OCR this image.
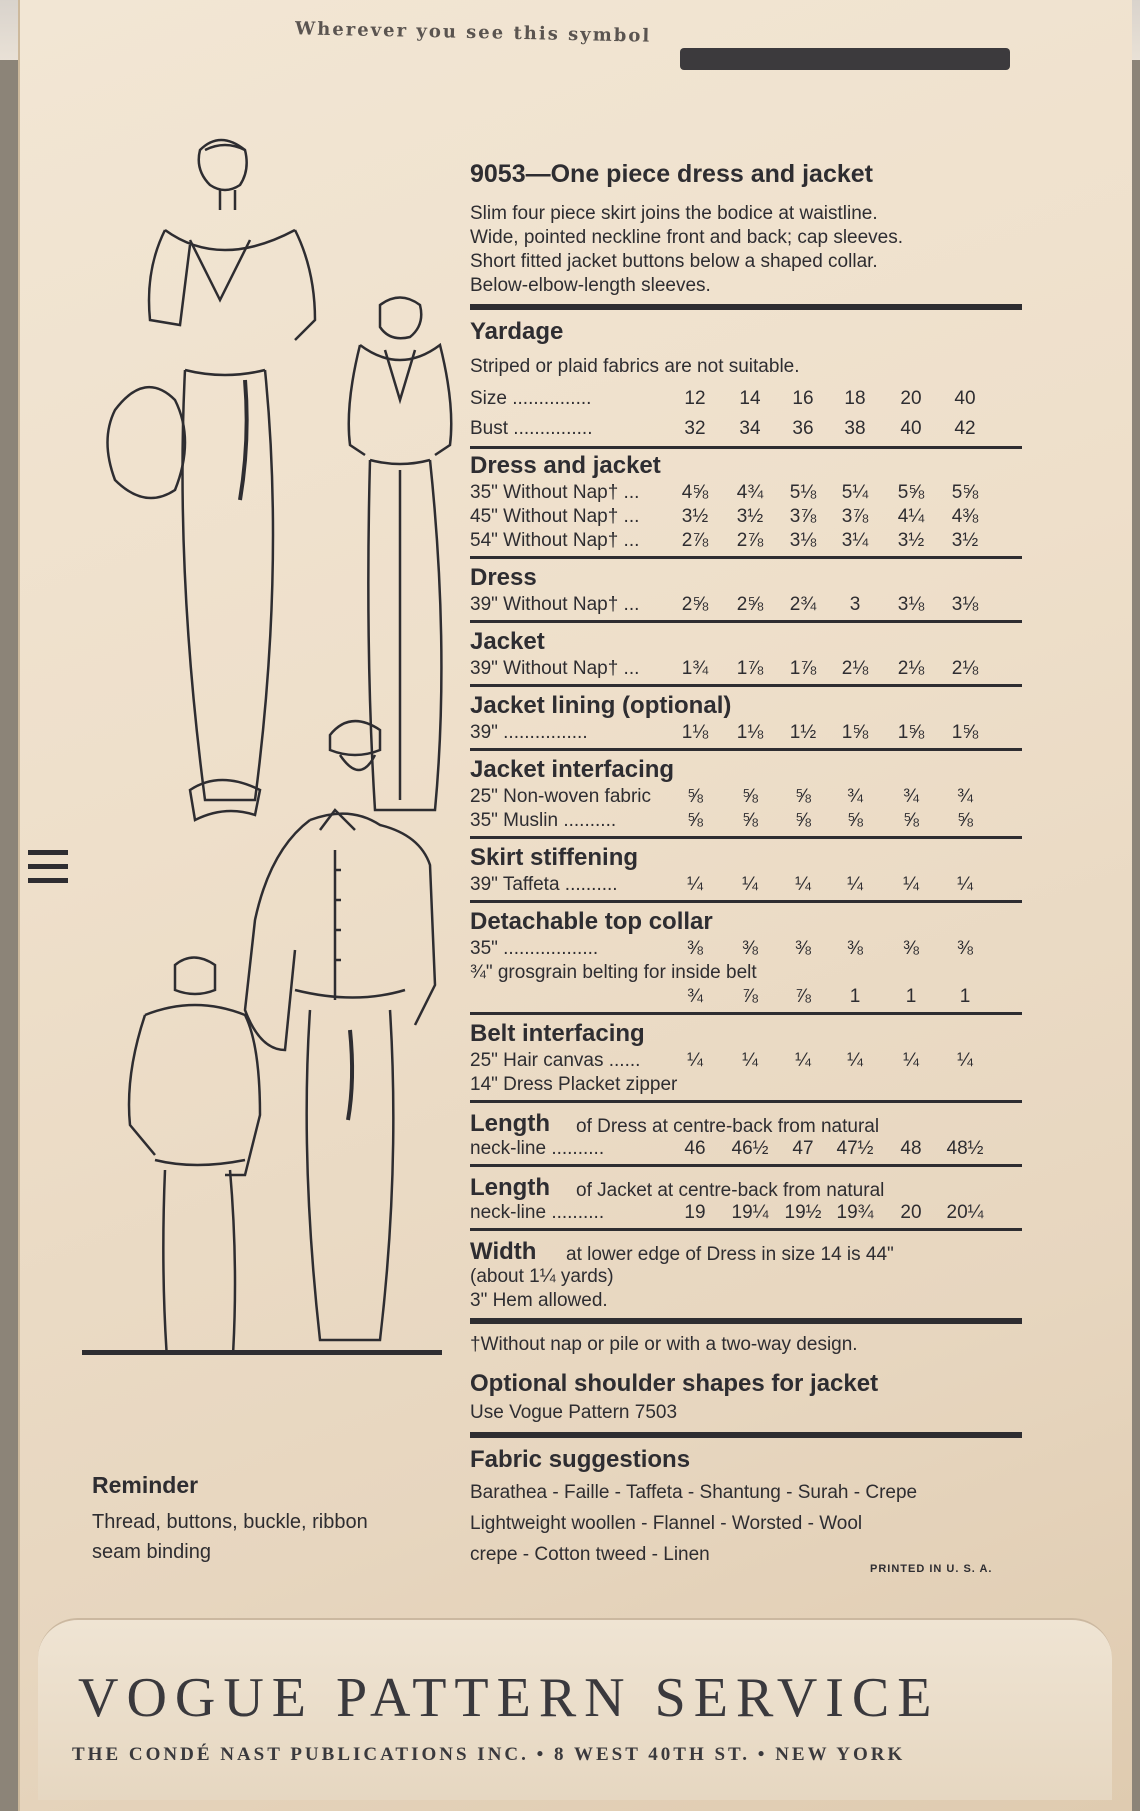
Wherever you see this symbol
Reminder
Thread, buttons, buckle, ribbon
seam binding
9053—One piece dress and jacket
Slim four piece skirt joins the bodice at waistline.
Wide, pointed neckline front and back; cap sleeves.
Short fitted jacket buttons below a shaped collar.
Below-elbow-length sleeves.
Yardage
Striped or plaid fabrics are not suitable.
Size ...............	12	14	16	18	20	40
Bust ...............	32	34	36	38	40	42
Dress and jacket
35" Without Nap† ...	4⅝	4¾	5⅛	5¼	5⅝	5⅝
45" Without Nap† ...	3½	3½	3⅞	3⅞	4¼	4⅜
54" Without Nap† ...	2⅞	2⅞	3⅛	3¼	3½	3½
Dress
39" Without Nap† ...	2⅝	2⅝	2¾	3	3⅛	3⅛
Jacket
39" Without Nap† ...	1¾	1⅞	1⅞	2⅛	2⅛	2⅛
Jacket lining (optional)
39" ................	1⅛	1⅛	1½	1⅝	1⅝	1⅝
Jacket interfacing
25" Non-woven fabric	⅝	⅝	⅝	¾	¾	¾
35" Muslin ..........	⅝	⅝	⅝	⅝	⅝	⅝
Skirt stiffening
39" Taffeta ..........	¼	¼	¼	¼	¼	¼
Detachable top collar
35" ..................	⅜	⅜	⅜	⅜	⅜	⅜
¾" grosgrain belting for inside belt
¾	⅞	⅞	1	1	1
Belt interfacing
25" Hair canvas ......	¼	¼	¼	¼	¼	¼
14" Dress Placket zipper
Length of Dress at centre-back from natural
neck-line ..........	46	46½	47	47½	48	48½
Length of Jacket at centre-back from natural
neck-line ..........	19	19¼ 19½ 19¾	20	20¼
Width at lower edge of Dress in size 14 is 44"
(about 1¼ yards)
3" Hem allowed.
†Without nap or pile or with a two-way design.
Optional shoulder shapes for jacket
Use Vogue Pattern 7503
Fabric suggestions
Barathea - Faille - Taffeta - Shantung - Surah - Crepe
Lightweight woollen - Flannel - Worsted - Wool
crepe - Cotton tweed - Linen
PRINTED IN U. S. A.
VOGUE PATTERN SERVICE
THE CONDÉ NAST PUBLICATIONS INC. • 8 WEST 40TH ST. • NEW YORK
